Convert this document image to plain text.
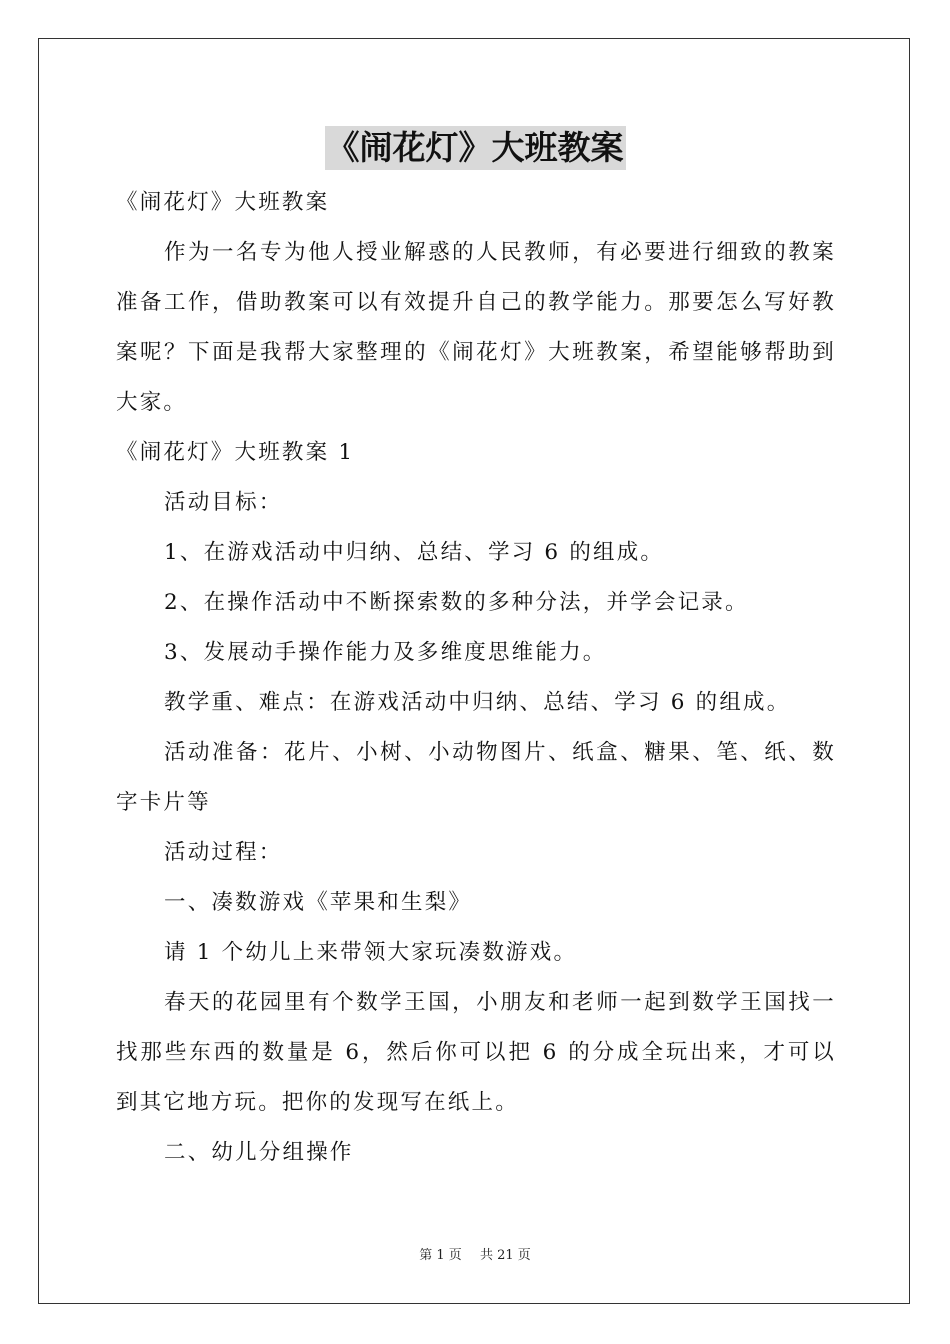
《闹花灯》大班教案

《闹花灯》大班教案

作为一名专为他人授业解惑的人民教师，有必要进行细致的教案准备工作，借助教案可以有效提升自己的教学能力。那要怎么写好教案呢？下面是我帮大家整理的《闹花灯》大班教案，希望能够帮助到大家。

《闹花灯》大班教案 1

活动目标：

1、在游戏活动中归纳、总结、学习 6 的组成。

2、在操作活动中不断探索数的多种分法，并学会记录。

3、发展动手操作能力及多维度思维能力。

教学重、难点：在游戏活动中归纳、总结、学习 6 的组成。

活动准备：花片、小树、小动物图片、纸盒、糖果、笔、纸、数字卡片等

活动过程：

一、凑数游戏《苹果和生梨》

请 1 个幼儿上来带领大家玩凑数游戏。

春天的花园里有个数学王国，小朋友和老师一起到数学王国找一找那些东西的数量是 6，然后你可以把 6 的分成全玩出来，才可以到其它地方玩。把你的发现写在纸上。

二、幼儿分组操作

第 1 页 共 21 页
